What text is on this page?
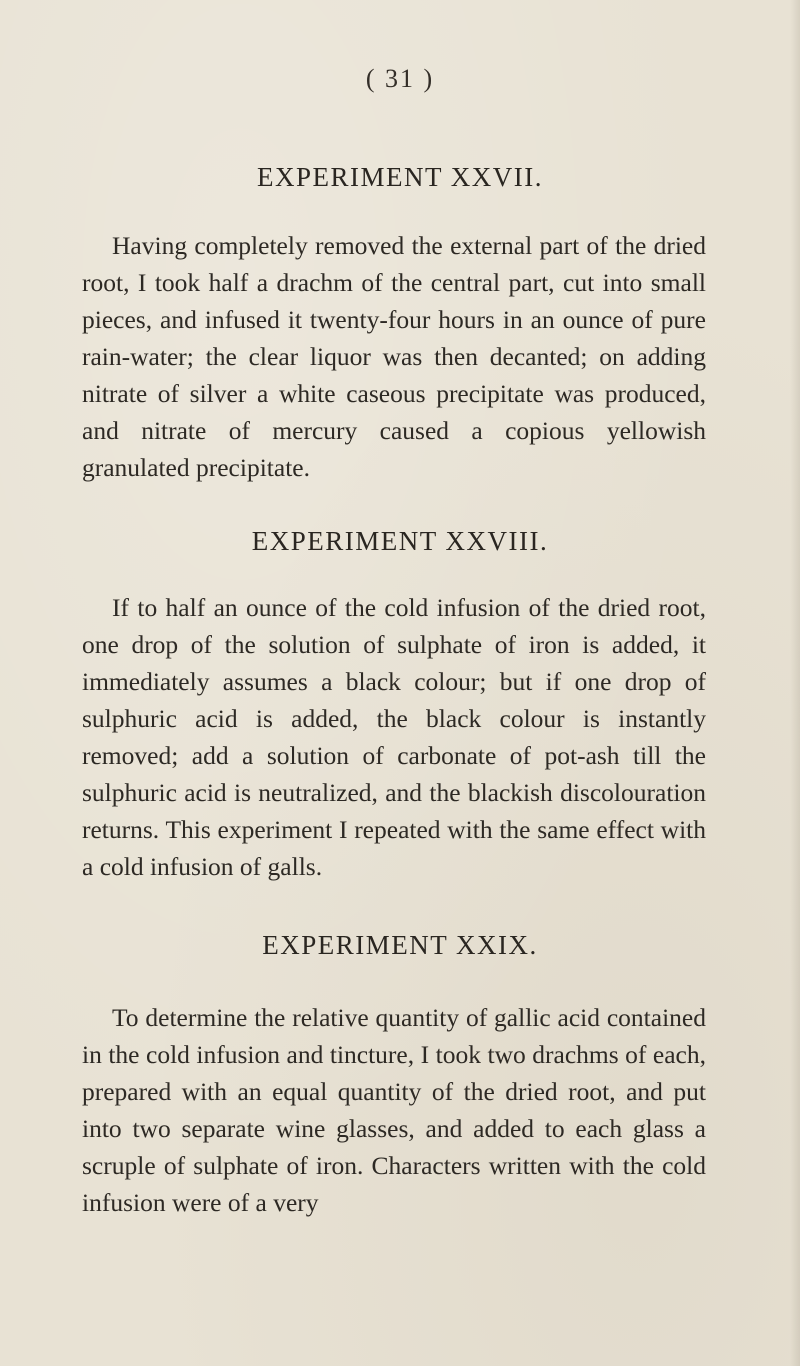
( 31 )
EXPERIMENT XXVII.
Having completely removed the external part of the dried root, I took half a drachm of the central part, cut into small pieces, and infused it twenty-four hours in an ounce of pure rain-water; the clear liquor was then decanted; on adding nitrate of silver a white caseous precipitate was produced, and nitrate of mercury caused a copious yellowish granulated precipitate.
EXPERIMENT XXVIII.
If to half an ounce of the cold infusion of the dried root, one drop of the solution of sulphate of iron is added, it immediately assumes a black colour; but if one drop of sulphuric acid is added, the black colour is instantly removed; add a solution of carbonate of pot-ash till the sulphuric acid is neutralized, and the blackish discolouration returns. This experiment I repeated with the same effect with a cold infusion of galls.
EXPERIMENT XXIX.
To determine the relative quantity of gallic acid contained in the cold infusion and tincture, I took two drachms of each, prepared with an equal quantity of the dried root, and put into two separate wine glasses, and added to each glass a scruple of sulphate of iron. Characters written with the cold infusion were of a very
